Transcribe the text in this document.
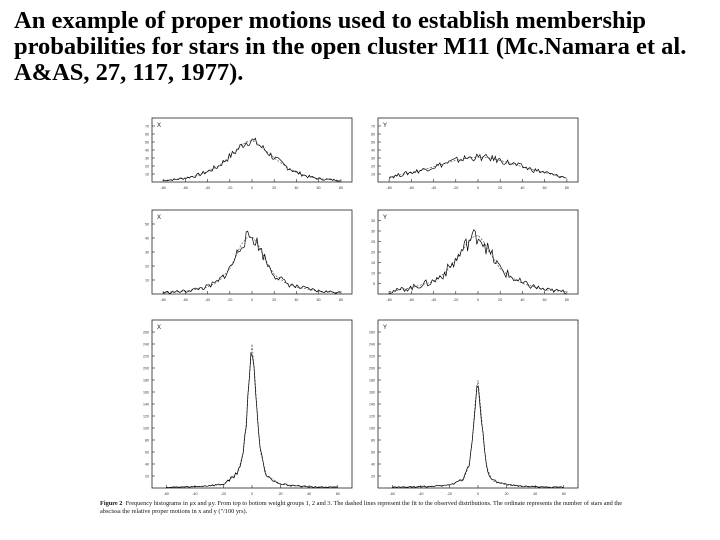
An example of proper motions used to establish membership probabilities for stars in the open cluster M11 (Mc.Namara et al. A&AS, 27, 117, 1977).
X
-80	-60	-40	-20	0	20	40	60	80
10
20
30
40
50
60
70	Y
-80	-60	-40	-20	0	20	40	60	80
10
20
30
40
50
60
70
X
-80	-60	-40	-20	0	20	40	60	80
10
20
30
40
50
Y
-80	-60	-40	-20	0	20	40	60	80
5
10
15
20
25
30
35
X
-60	-40	-20	0	20	40	60
20
40
60
80
100
120
140
160
180
200
220
240
260
Y
-60	-40	-20	0	20	40	60
20
40
60
80
100
120
140
160
180
200
220
240
260
Figure 2 Frequency histograms in μx and μy. From top to bottom weight groups 1, 2 and 3. The dashed lines represent the fit to the observed distributions. The ordinate represents the number of stars and the abscissa the relative proper motions in x and y ("/100 yrs).
